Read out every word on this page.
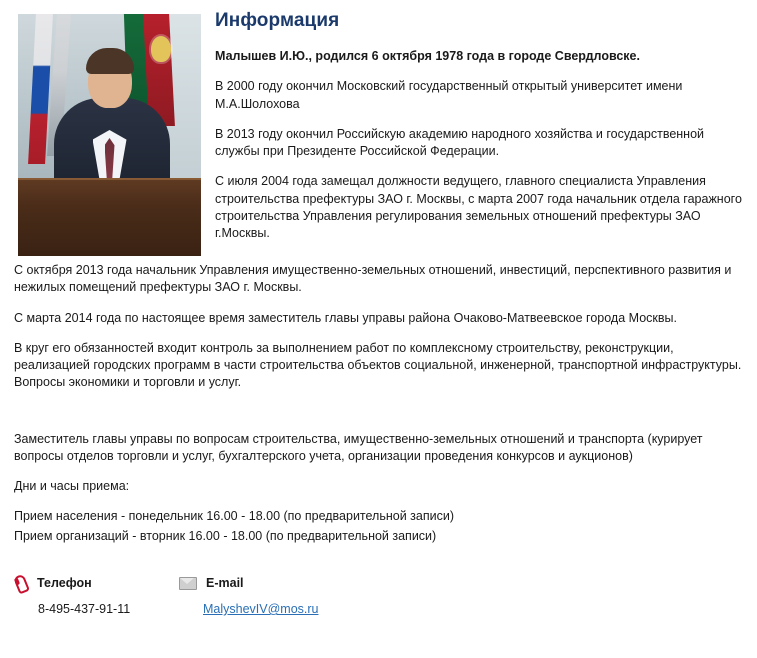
Информация

Малышев И.Ю., родился 6 октября 1978 года в городе Свердловске.

В 2000 году окончил Московский государственный открытый университет имени М.А.Шолохова

В 2013 году окончил Российскую академию народного хозяйства и государственной службы при Президенте Российской Федерации.

С июля 2004 года замещал должности ведущего, главного специалиста Управления строительства префектуры ЗАО г. Москвы, с марта 2007 года начальник отдела гаражного строительства Управления регулирования земельных отношений префектуры ЗАО г.Москвы.

С октября 2013 года начальник Управления имущественно-земельных отношений, инвестиций, перспективного развития и нежилых помещений префектуры ЗАО г. Москвы.

С марта 2014 года по настоящее время заместитель главы управы района Очаково-Матвеевское города Москвы.

В круг его обязанностей входит контроль за выполнением работ по комплексному строительству, реконструкции, реализацией городских программ в части строительства объектов социальной, инженерной, транспортной инфраструктуры. Вопросы экономики и торговли и услуг.

Заместитель главы управы по вопросам строительства, имущественно-земельных отношений и транспорта (курирует вопросы отделов торговли и услуг, бухгалтерского учета, организации проведения конкурсов и аукционов)

Дни и часы приема:

Прием населения - понедельник 16.00 - 18.00 (по предварительной записи)

Прием организаций - вторник 16.00 - 18.00 (по предварительной записи)

Телефон
8-495-437-91-11
E-mail
MalyshevIV@mos.ru
